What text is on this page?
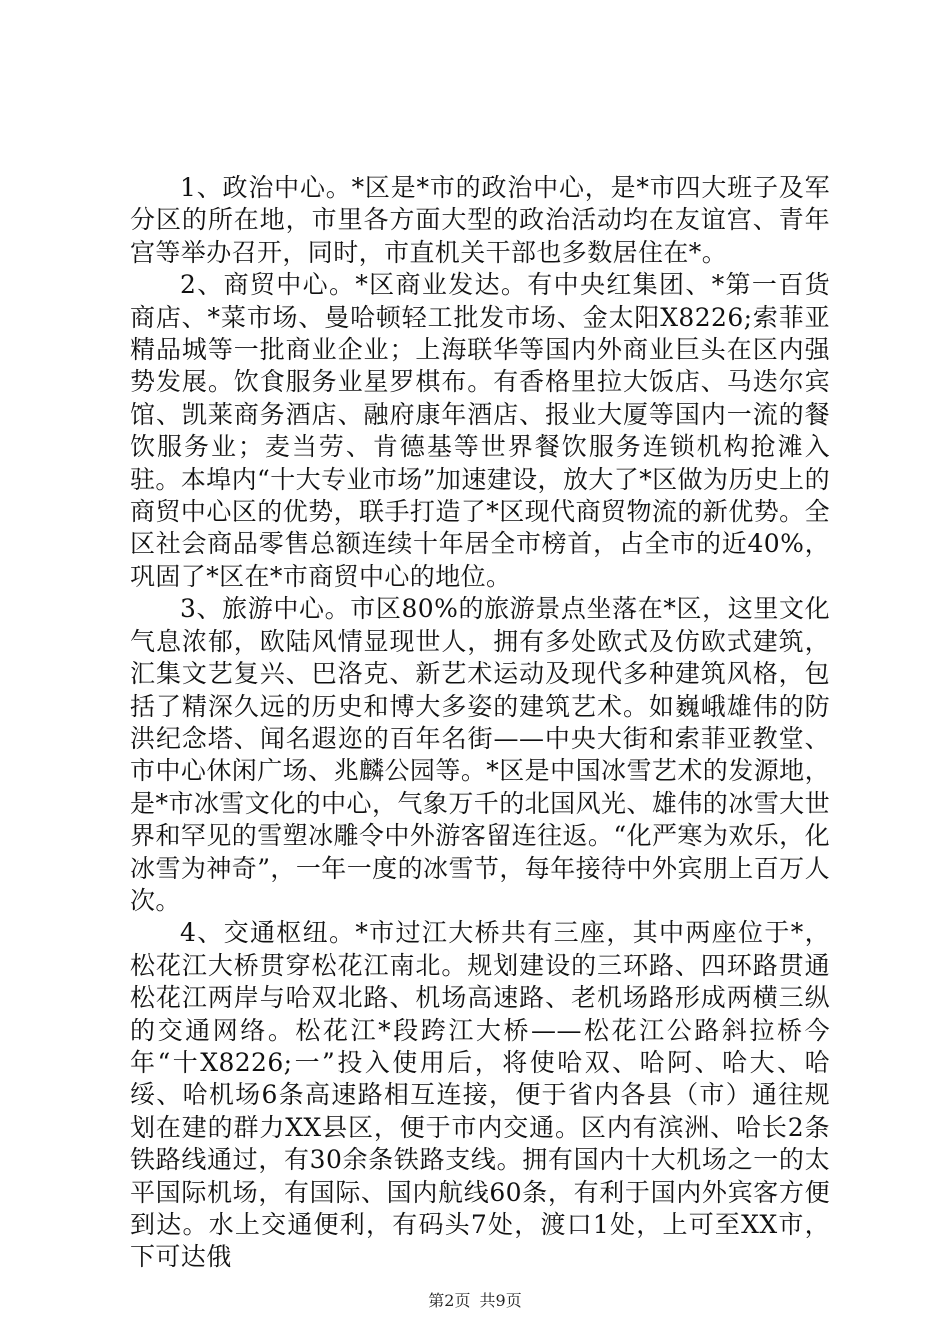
1、政治中心。*区是*市的政治中心，是*市四大班子及军分区的所在地，市里各方面大型的政治活动均在友谊宫、青年宫等举办召开，同时，市直机关干部也多数居住在*。

2、商贸中心。*区商业发达。有中央红集团、*第一百货商店、*菜市场、曼哈顿轻工批发市场、金太阳X8226;索菲亚精品城等一批商业企业；上海联华等国内外商业巨头在区内强势发展。饮食服务业星罗棋布。有香格里拉大饭店、马迭尔宾馆、凯莱商务酒店、融府康年酒店、报业大厦等国内一流的餐饮服务业；麦当劳、肯德基等世界餐饮服务连锁机构抢滩入驻。本埠内“十大专业市场”加速建设，放大了*区做为历史上的商贸中心区的优势，联手打造了*区现代商贸物流的新优势。全区社会商品零售总额连续十年居全市榜首，占全市的近40%，巩固了*区在*市商贸中心的地位。

3、旅游中心。市区80%的旅游景点坐落在*区，这里文化气息浓郁，欧陆风情显现世人，拥有多处欧式及仿欧式建筑，汇集文艺复兴、巴洛克、新艺术运动及现代多种建筑风格，包括了精深久远的历史和博大多姿的建筑艺术。如巍峨雄伟的防洪纪念塔、闻名遐迩的百年名街——中央大街和索菲亚教堂、市中心休闲广场、兆麟公园等。*区是中国冰雪艺术的发源地，是*市冰雪文化的中心，气象万千的北国风光、雄伟的冰雪大世界和罕见的雪塑冰雕令中外游客留连往返。“化严寒为欢乐，化冰雪为神奇”，一年一度的冰雪节，每年接待中外宾朋上百万人次。

4、交通枢纽。*市过江大桥共有三座，其中两座位于*，松花江大桥贯穿松花江南北。规划建设的三环路、四环路贯通松花江两岸与哈双北路、机场高速路、老机场路形成两横三纵的交通网络。松花江*段跨江大桥——松花江公路斜拉桥今年“十X8226;一”投入使用后，将使哈双、哈阿、哈大、哈绥、哈机场6条高速路相互连接，便于省内各县（市）通往规划在建的群力XX县区，便于市内交通。区内有滨洲、哈长2条铁路线通过，有30余条铁路支线。拥有国内十大机场之一的太平国际机场，有国际、国内航线60条，有利于国内外宾客方便到达。水上交通便利，有码头7处，渡口1处，上可至XX市，下可达俄

第2页 共9页
